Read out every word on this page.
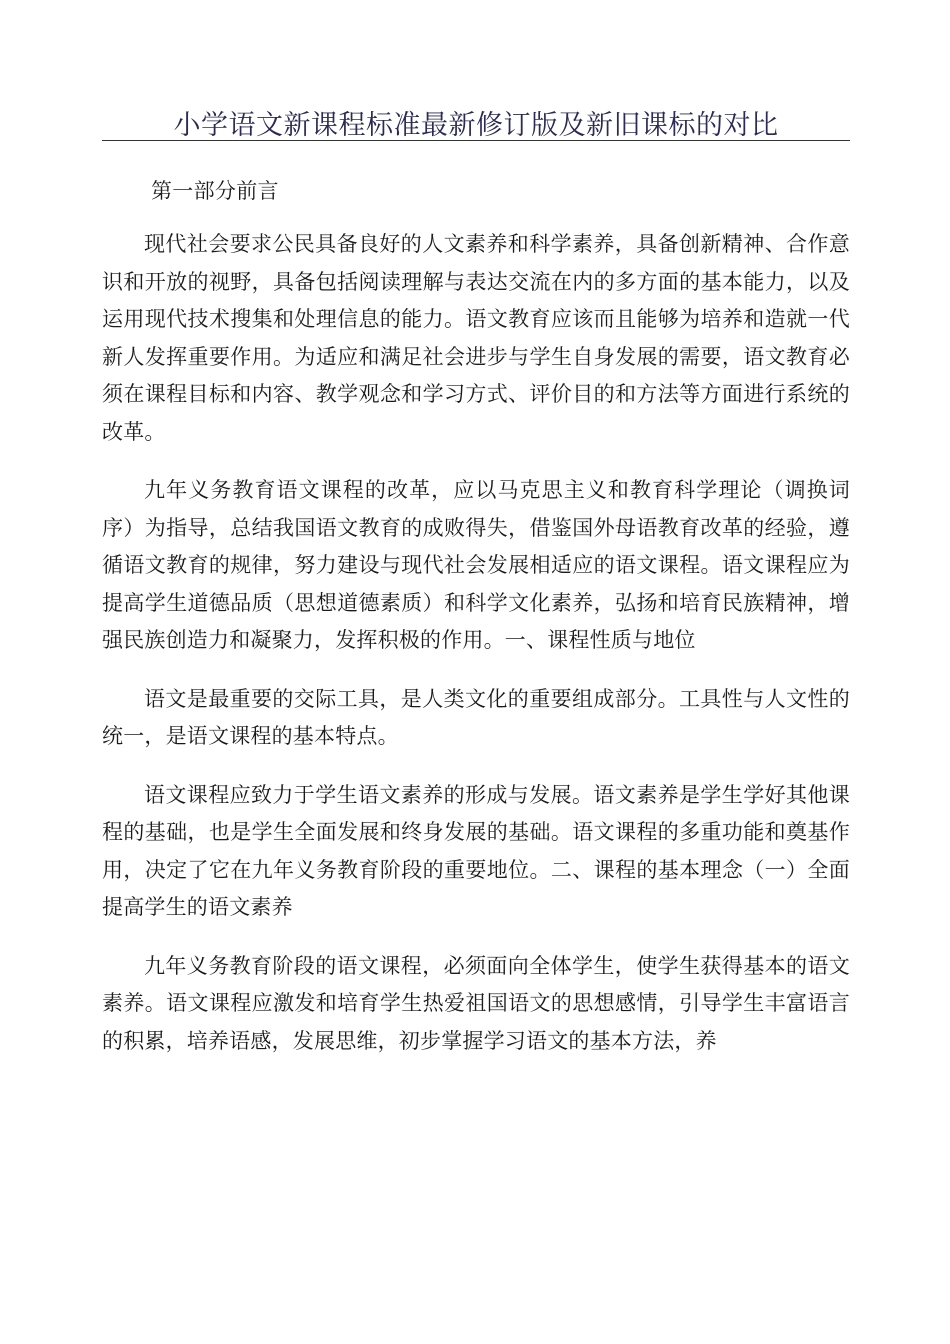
小学语文新课程标准最新修订版及新旧课标的对比
第一部分前言

现代社会要求公民具备良好的人文素养和科学素养，具备创新精神、合作意识和开放的视野，具备包括阅读理解与表达交流在内的多方面的基本能力，以及运用现代技术搜集和处理信息的能力。语文教育应该而且能够为培养和造就一代新人发挥重要作用。为适应和满足社会进步与学生自身发展的需要，语文教育必须在课程目标和内容、教学观念和学习方式、评价目的和方法等方面进行系统的改革。

九年义务教育语文课程的改革，应以马克思主义和教育科学理论（调换词序）为指导，总结我国语文教育的成败得失，借鉴国外母语教育改革的经验，遵循语文教育的规律，努力建设与现代社会发展相适应的语文课程。语文课程应为提高学生道德品质（思想道德素质）和科学文化素养，弘扬和培育民族精神，增强民族创造力和凝聚力，发挥积极的作用。一、课程性质与地位

语文是最重要的交际工具，是人类文化的重要组成部分。工具性与人文性的统一，是语文课程的基本特点。

语文课程应致力于学生语文素养的形成与发展。语文素养是学生学好其他课程的基础，也是学生全面发展和终身发展的基础。语文课程的多重功能和奠基作用，决定了它在九年义务教育阶段的重要地位。二、课程的基本理念（一）全面提高学生的语文素养

九年义务教育阶段的语文课程，必须面向全体学生，使学生获得基本的语文素养。语文课程应激发和培育学生热爱祖国语文的思想感情，引导学生丰富语言的积累，培养语感，发展思维，初步掌握学习语文的基本方法，养
